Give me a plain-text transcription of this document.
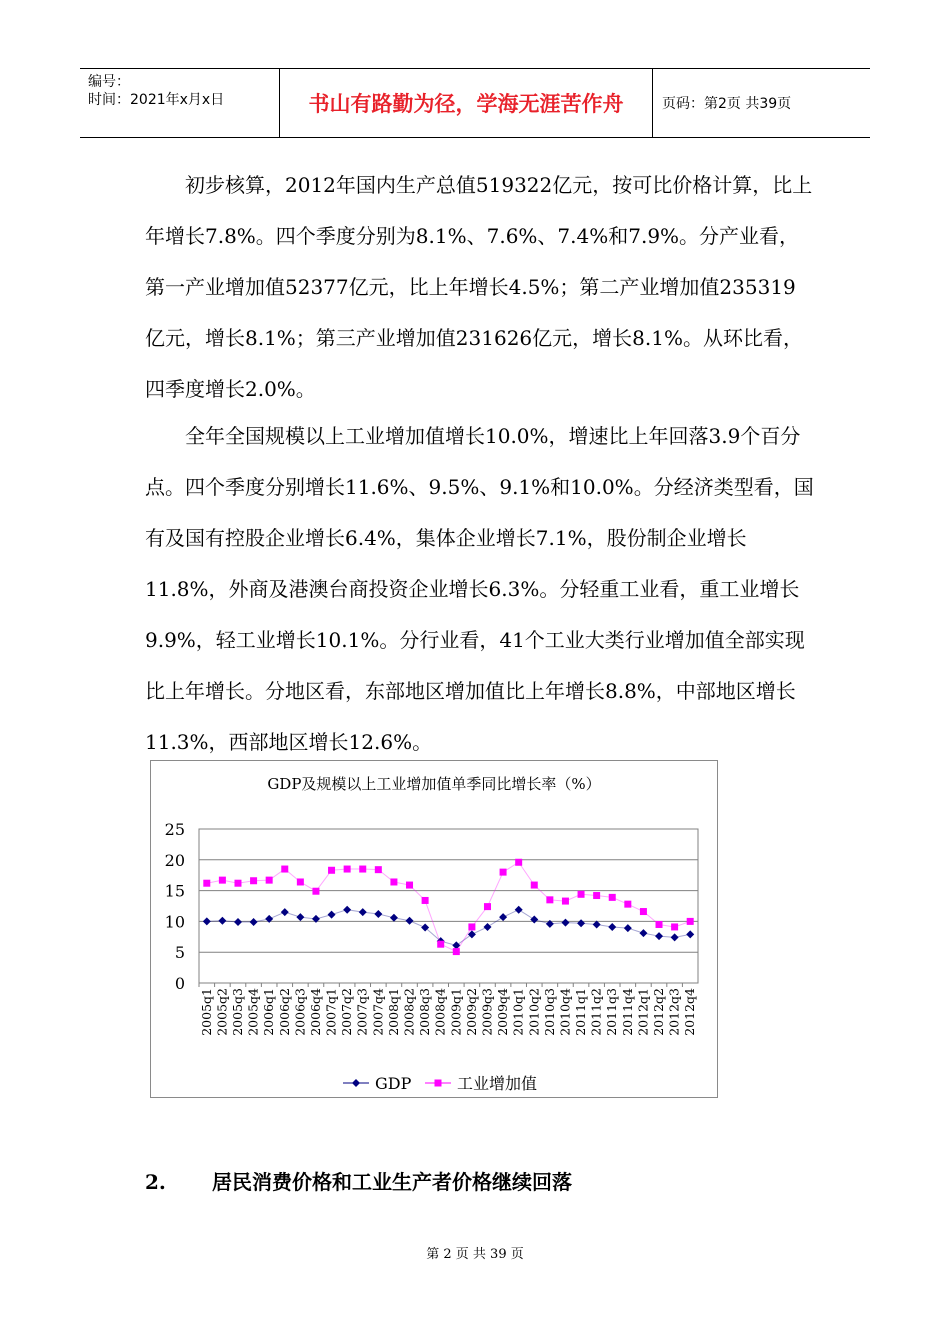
编号：
时间：2021年x月x日	书山有路勤为径，学海无涯苦作舟	页码：第2页 共39页

初步核算，2012年国内生产总值519322亿元，按可比价格计算，比上年增长7.8%。四个季度分别为8.1%、7.6%、7.4%和7.9%。分产业看，第一产业增加值52377亿元，比上年增长4.5%；第二产业增加值235319亿元，增长8.1%；第三产业增加值231626亿元，增长8.1%。从环比看，四季度增长2.0%。

全年全国规模以上工业增加值增长10.0%，增速比上年回落3.9个百分点。四个季度分别增长11.6%、9.5%、9.1%和10.0%。分经济类型看，国有及国有控股企业增长6.4%，集体企业增长7.1%，股份制企业增长11.8%，外商及港澳台商投资企业增长6.3%。分轻重工业看，重工业增长9.9%，轻工业增长10.1%。分行业看，41个工业大类行业增加值全部实现比上年增长。分地区看，东部地区增加值比上年增长8.8%，中部地区增长11.3%，西部地区增长12.6%。

GDP及规模以上工业增加值单季同比增长率（%）
0
5
10
15
20
25
2005q1 2005q2 2005q3 2005q4 2006q1 2006q2 2006q3 2006q4 2007q1 2007q2 2007q3 2007q4 2008q1 2008q2 2008q3 2008q4 2009q1 2009q2 2009q3 2009q4 2010q1 2010q2 2010q3 2010q4 2011q1 2011q2 2011q3 2011q4 2012q1 2012q2 2012q3 2012q4
GDP	工业增加值
2. 居民消费价格和工业生产者价格继续回落
第 2 页 共 39 页
